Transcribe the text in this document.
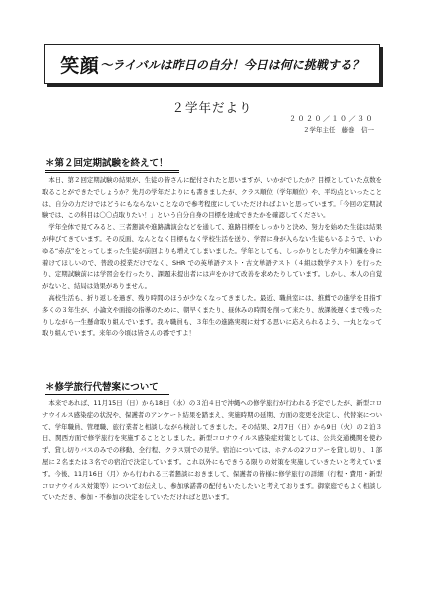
笑顔 ～ライバルは昨日の自分！今日は何に挑戦する？
２学年だより
２０２０／１０／３０
２学年主任 藤巻　信一
＊第２回定期試験を終えて！

本日、第２回定期試験の結果が、生徒の皆さんに配付されたと思いますが、いかがでしたか？目標としていた点数を取ることができたでしょうか？先月の学年だよりにも書きましたが、クラス順位（学年順位）や、平均点といったことは、自分の力だけではどうにもならないことなので参考程度にしていただければよいと思っています。「今回の定期試験では、この科目は〇〇点取りたい！」という自分自身の目標を達成できたかを確認してください。

学年全体で見てみると、三者懇談や進路講演会などを通して、進路目標をしっかりと決め、努力を始めた生徒は結果が伸びてきています。その反面、なんとなく目標もなく学校生活を送り、学習に身が入らない生徒もいるようで、いわゆる“赤点”をとってしまった生徒が前回よりも増えてしまいました。学年としても、しっかりとした学力や知識を身に着けてほしいので、普段の授業だけでなく、SHR での英単語テスト・古文単語テスト（４組は数学テスト）を行ったり、定期試験前には学習会を行ったり、課題未提出者には声をかけて改善を求めたりしています。しかし、本人の自覚がないと、結局は効果がありません。

高校生活も、折り返しを過ぎ、残り時間のほうが少なくなってきました。最近、職員室には、推薦での進学を目指す多くの３年生が、小論文や面接の指導のために、朝早くまたり、昼休みの時間を削って来たり、放課後遅くまで残ったりしながら一生懸命取り組んでいます。我々職員も、３年生の進路実現に対する思いに応えられるよう、一丸となって取り組んでいます。来年の今頃は皆さんの番ですよ！

＊修学旅行代替案について

本来であれば、11月15日（日）から18日（水）の３泊４日で沖縄への修学旅行が行われる予定でしたが、新型コロナウイルス感染症の状況や、保護者のアンケート結果を踏まえ、実施時期の延期、方面の変更を決定し、代替案について、学年職員、管理職、旅行業者と相談しながら検討してきました。その結果、2月7日（日）から9日（火）の２泊３日、関西方面で修学旅行を実施することとしました。新型コロナウイルス感染症対策としては、公共交通機関を使わず、貸し切りバスのみでの移動、全行程、クラス別での見学。宿泊については、ホテルの2フロアーを貸し切り、１部屋に２名または３名での宿泊で決定しています。これ以外にもできうる限りの対策を実施していきたいと考えています。今後、11月16日（月）から行われる三者懇談におきまして、保護者の皆様に修学旅行の詳細（行程・費用・新型コロナウイルス対策等）についてお伝えし、参加承諾書の配付もいたしたいと考えております。御家庭でもよく相談していただき、参加・不参加の決定をしていただければと思います。
